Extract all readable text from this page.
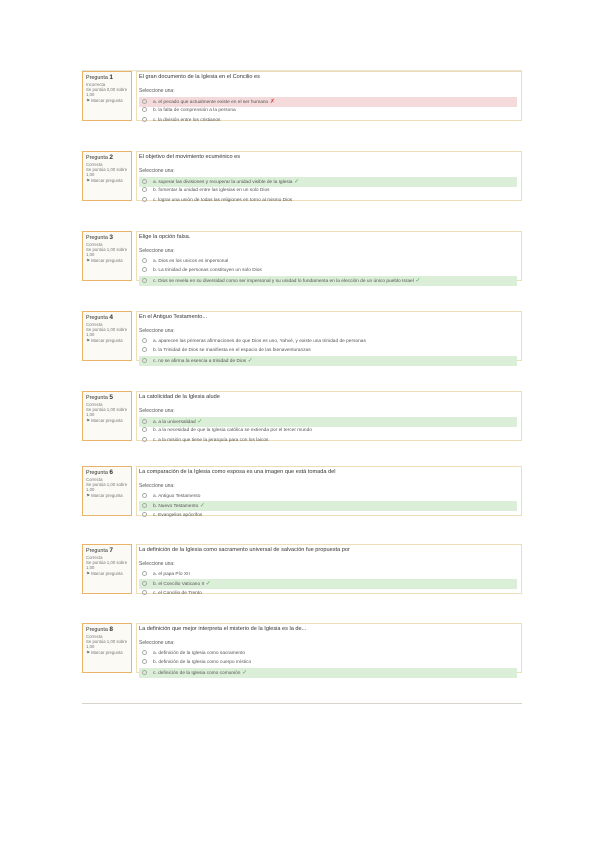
Pregunta 1
Incorrecta
Se puntúa 0,00 sobre 1,00
⚑ Marcar pregunta
El gran documento de la Iglesia en el Concilio es
Seleccione una:
a. el pecado que actualmente existe en el ser humano ✗
b. la falta de comprensión a la persona
c. la división entre los cristianos
Pregunta 2
Correcta
Se puntúa 1,00 sobre 1,00
⚑ Marcar pregunta
El objetivo del movimiento ecuménico es
Seleccione una:
a. superar las divisiones y recuperar la unidad visible de la Iglesia ✓
b. fomentar la unidad entre las iglesias en un solo Dios
c. lograr una unión de todas las religiones en torno al mismo Dios
Pregunta 3
Correcta
Se puntúa 1,00 sobre 1,00
⚑ Marcar pregunta
Elige la opción falsa.
Seleccione una:
a. Dios es los unicos es impersonal
b. La trinidad de personas constituyen un solo Dios
c. Dios se revela en su diversidad como ser impersonal y su unidad lo fundamenta en la elección de un único pueblo Israel ✓
Pregunta 4
Correcta
Se puntúa 1,00 sobre 1,00
⚑ Marcar pregunta
En el Antiguo Testamento...
Seleccione una:
a. aparecen las primeras afirmaciones de que Dios es uno, Yahvé, y existe una trinidad de personas
b. la Trinidad de Dios se manifiesta en el espacio de las bienaventuranzas
c. no se afirma la esencia a trinidad de Dios ✓
Pregunta 5
Correcta
Se puntúa 1,00 sobre 1,00
⚑ Marcar pregunta
La catolicidad de la Iglesia alude
Seleccione una:
a. a la universalidad ✓
b. a la necesidad de que la Iglesia católica se extienda por el tercer mundo
c. a la misión que tiene la jerarquía para con los laicos
Pregunta 6
Correcta
Se puntúa 1,00 sobre 1,00
⚑ Marcar pregunta
La comparación de la Iglesia como esposa es una imagen que está tomada del
Seleccione una:
a. Antiguo Testamento
b. Nuevo Testamento ✓
c. Evangelios apócrifos
Pregunta 7
Correcta
Se puntúa 1,00 sobre 1,00
⚑ Marcar pregunta
La definición de la Iglesia como sacramento universal de salvación fue propuesta por
Seleccione una:
a. el papa Pío XII
b. el Concilio Vaticano II ✓
c. el Concilio de Trento
Pregunta 8
Correcta
Se puntúa 1,00 sobre 1,00
⚑ Marcar pregunta
La definición que mejor interpreta el misterio de la Iglesia es la de...
Seleccione una:
a. definición de la Iglesia como sacramento
b. definición de la Iglesia como cuerpo místico
c. definición de la Iglesia como comunión ✓
